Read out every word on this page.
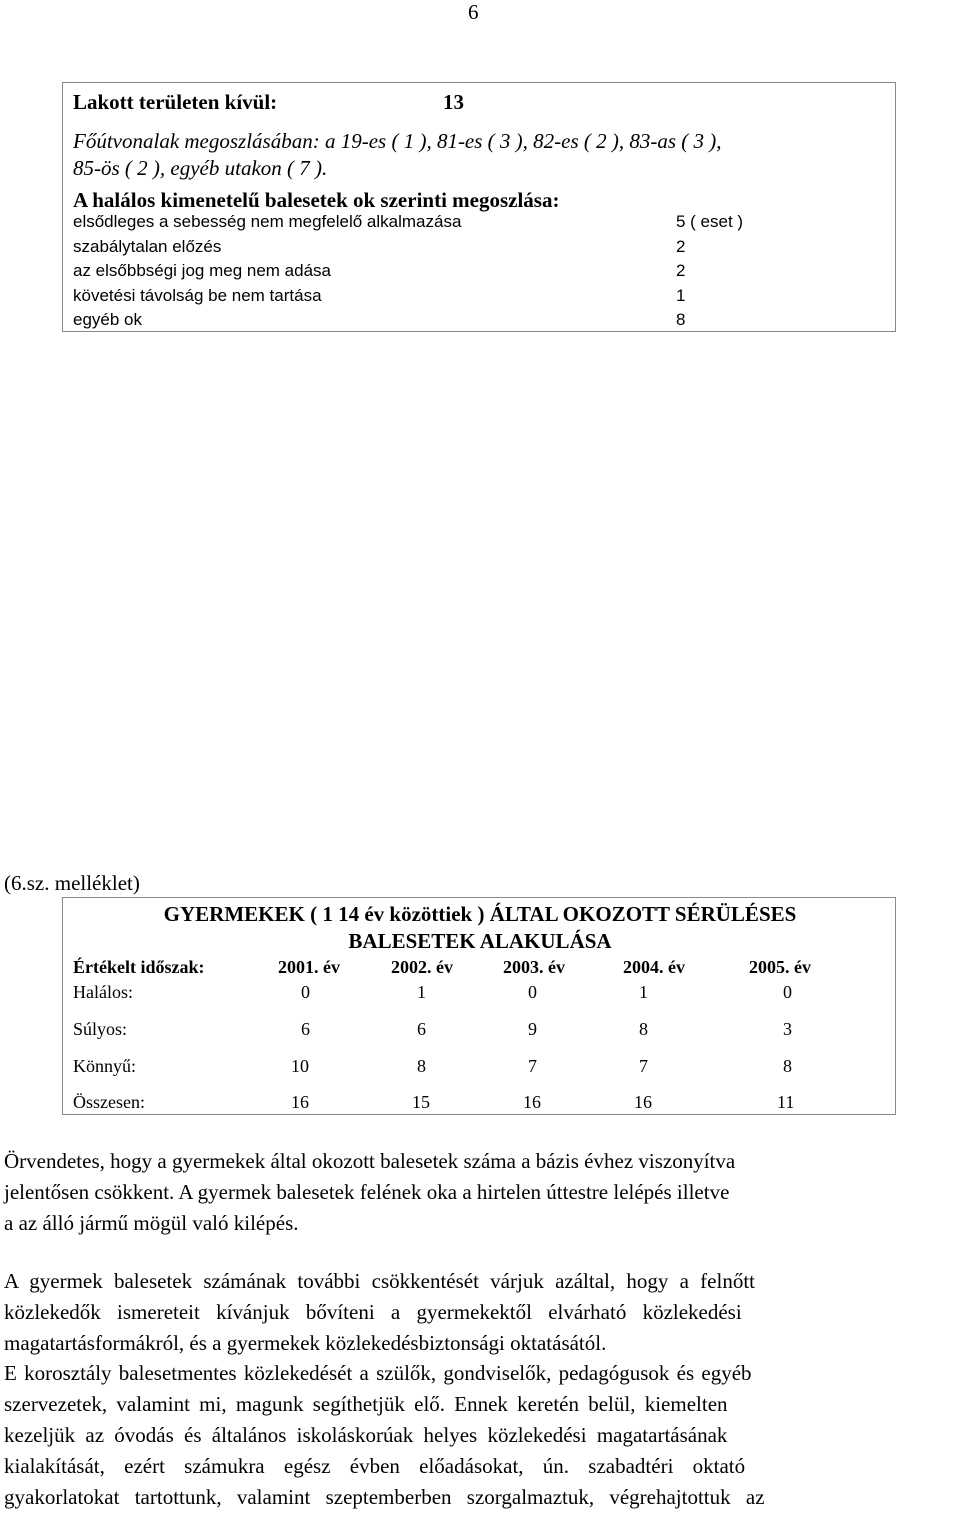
6
Lakott területen kívül:	13
Főútvonalak megoszlásában: a 19-es ( 1 ), 81-es ( 3 ), 82-es ( 2 ), 83-as ( 3 ),
85-ös ( 2 ), egyéb utakon ( 7 ).
A halálos kimenetelű balesetek ok szerinti megoszlása:
elsődleges a sebesség nem megfelelő alkalmazása	5 ( eset )
szabálytalan előzés	2
az elsőbbségi jog meg nem adása	2
követési távolság be nem tartása	1
egyéb ok	8
(6.sz. melléklet)
GYERMEKEK ( 1 14 év közöttiek ) ÁLTAL OKOZOTT SÉRÜLÉSES
BALESETEK ALAKULÁSA
Értékelt időszak:	2001. év	2002. év	2003. év	2004. év	2005. év
Halálos:	0	1	0	1	0
Súlyos:	6	6	9	8	3
Könnyű:	10	8	7	7	8
Összesen:	16	15	16	16	11
Örvendetes, hogy a gyermekek által okozott balesetek száma a bázis évhez viszonyítva
jelentősen csökkent. A gyermek balesetek felének oka a hirtelen úttestre lelépés illetve
a az álló jármű mögül való kilépés.
A gyermek balesetek számának további csökkentését várjuk azáltal, hogy a felnőtt
közlekedők ismereteit kívánjuk bővíteni a gyermekektől elvárható közlekedési
magatartásformákról, és a gyermekek közlekedésbiztonsági oktatásától.
E korosztály balesetmentes közlekedését a szülők, gondviselők, pedagógusok és egyéb
szervezetek, valamint mi, magunk segíthetjük elő. Ennek keretén belül, kiemelten
kezeljük az óvodás és általános iskoláskorúak helyes közlekedési magatartásának
kialakítását, ezért számukra egész évben előadásokat, ún. szabadtéri oktató
gyakorlatokat tartottunk, valamint szeptemberben szorgalmaztuk, végrehajtottuk az
